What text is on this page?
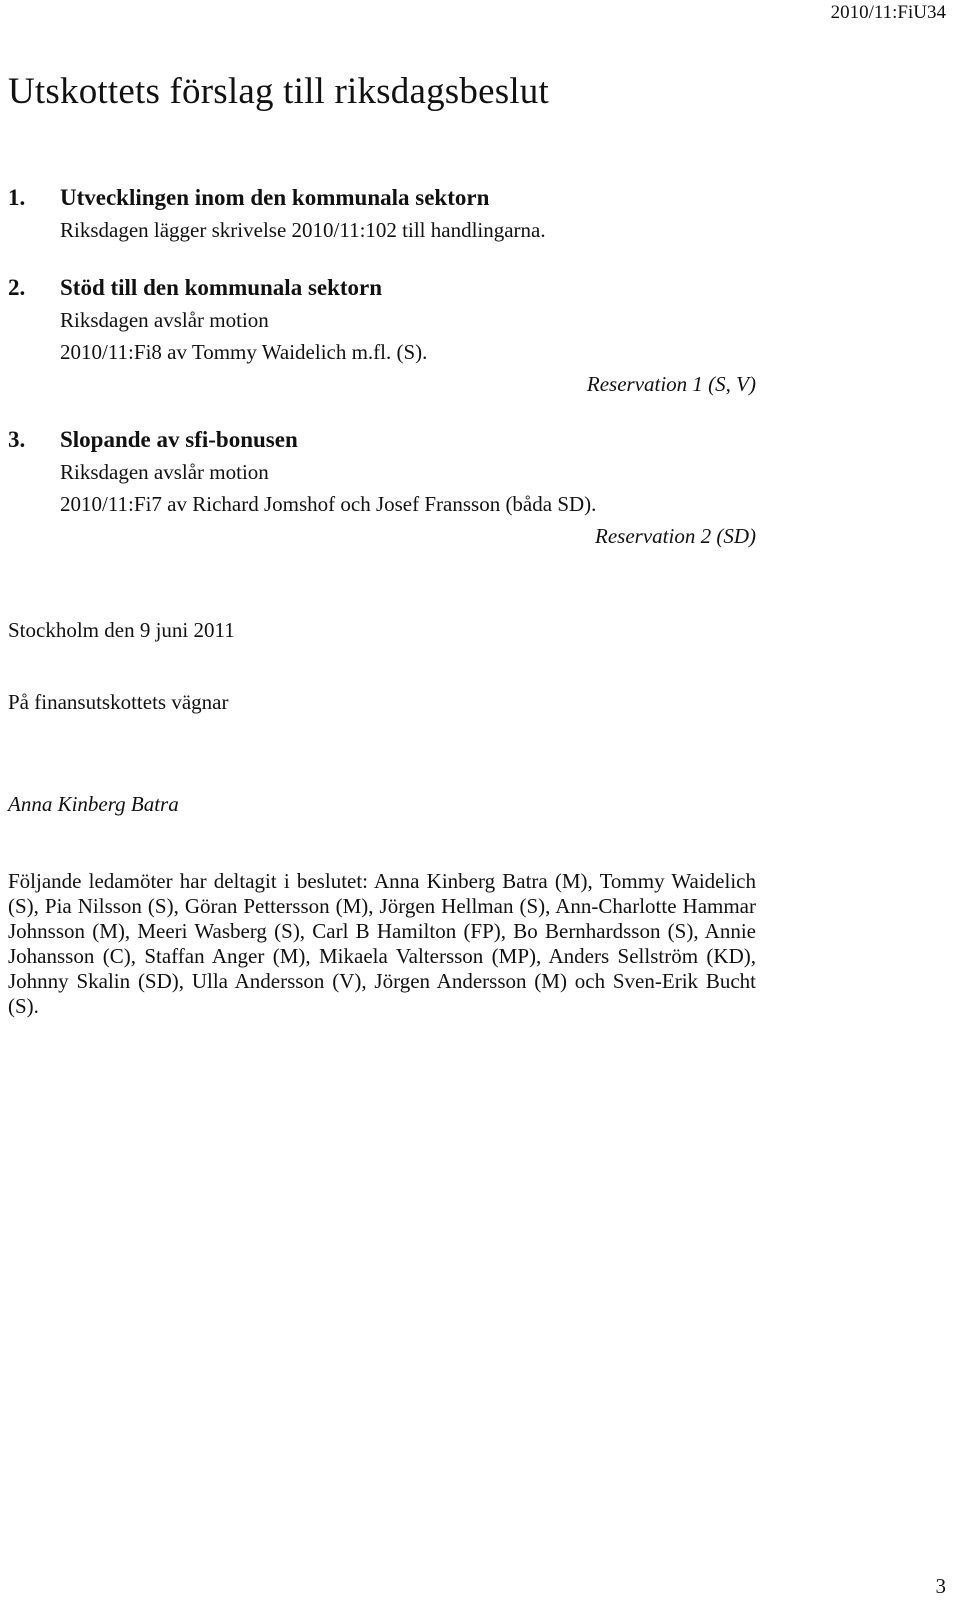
2010/11:FiU34
Utskottets förslag till riksdagsbeslut
1.	Utvecklingen inom den kommunala sektorn
Riksdagen lägger skrivelse 2010/11:102 till handlingarna.
2.	Stöd till den kommunala sektorn
Riksdagen avslår motion
2010/11:Fi8 av Tommy Waidelich m.fl. (S).
Reservation 1 (S, V)
3.	Slopande av sfi-bonusen
Riksdagen avslår motion
2010/11:Fi7 av Richard Jomshof och Josef Fransson (båda SD).
Reservation 2 (SD)
Stockholm den 9 juni 2011
På finansutskottets vägnar
Anna Kinberg Batra

Följande ledamöter har deltagit i beslutet: Anna Kinberg Batra (M), Tommy Waidelich (S), Pia Nilsson (S), Göran Pettersson (M), Jörgen Hellman (S), Ann-Charlotte Hammar Johnsson (M), Meeri Wasberg (S), Carl B Hamilton (FP), Bo Bernhardsson (S), Annie Johansson (C), Staffan Anger (M), Mikaela Valtersson (MP), Anders Sellström (KD), Johnny Skalin (SD), Ulla Andersson (V), Jörgen Andersson (M) och Sven-Erik Bucht (S).

3
